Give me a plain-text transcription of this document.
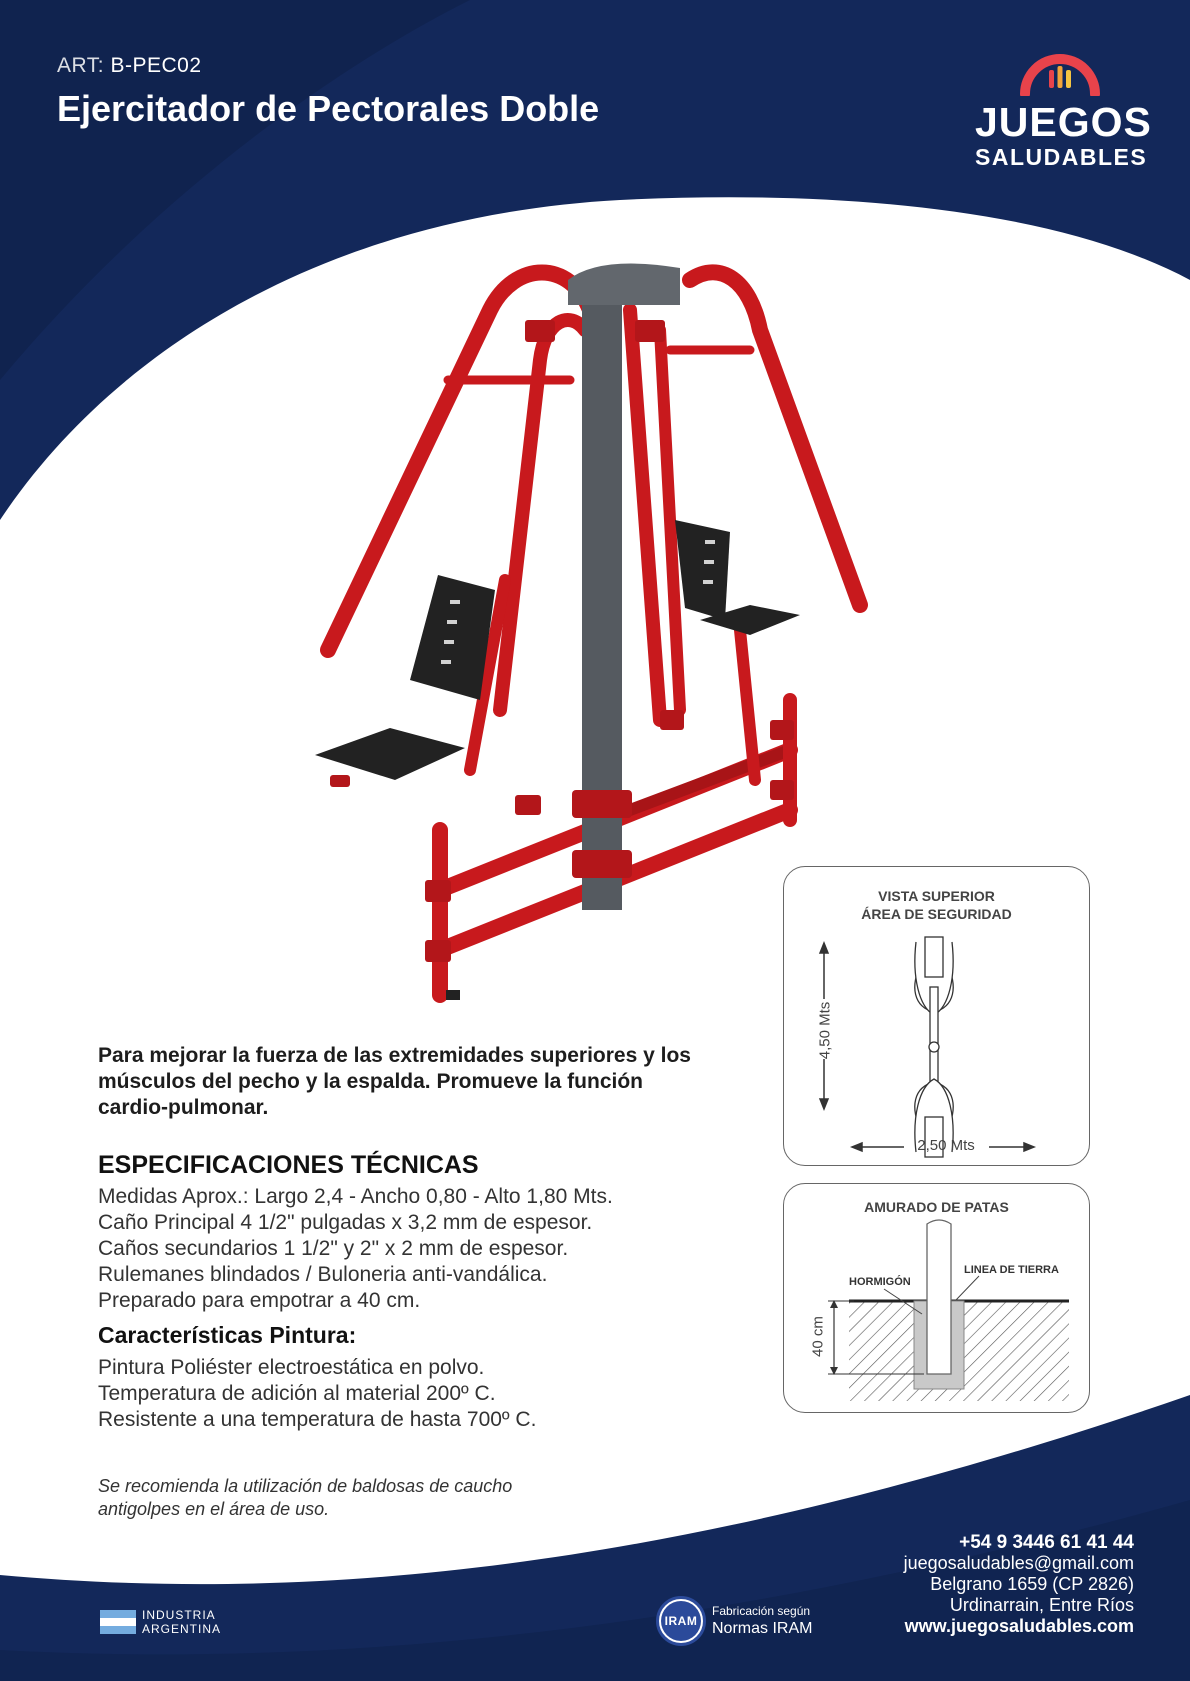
ART: B-PEC02
Ejercitador de Pectorales Doble	JUEGOS
SALUDABLES

Para mejorar la fuerza de las extremidades superiores y los músculos del pecho y la espalda. Promueve la función cardio-pulmonar.

ESPECIFICACIONES TÉCNICAS
Medidas Aprox.: Largo 2,4 - Ancho 0,80 - Alto 1,80 Mts.
Caño Principal 4 1/2" pulgadas x 3,2 mm de espesor.
Caños secundarios 1 1/2" y 2" x 2 mm de espesor.
Rulemanes blindados / Buloneria anti-vandálica.
Preparado para empotrar a 40 cm.
Características Pintura:
Pintura Poliéster electroestática en polvo.
Temperatura de adición al material 200º C.
Resistente a una temperatura de hasta 700º C.

Se recomienda la utilización de baldosas de caucho antigolpes en el área de uso.

VISTA SUPERIOR
ÁREA DE SEGURIDAD
4,50 Mts
2,50 Mts
AMURADO DE PATAS
HORMIGÓN
LINEA DE TIERRA
40 cm
+54 9 3446 61 41 44
juegosaludables@gmail.com
Belgrano 1659 (CP 2826)
Urdinarrain, Entre Ríos
www.juegosaludables.com
INDUSTRIA
ARGENTINA
IRAM
Fabricación según
Normas IRAM
